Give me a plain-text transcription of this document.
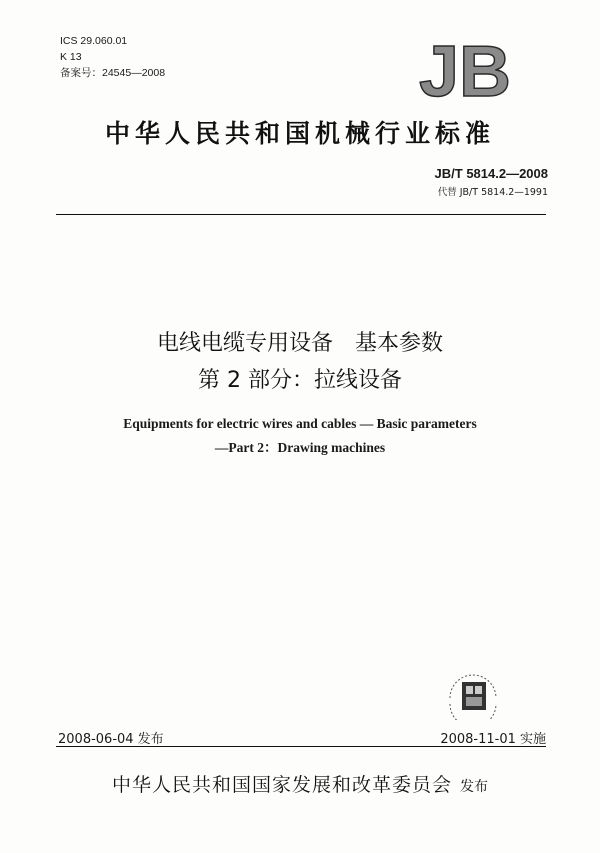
ICS 29.060.01
K 13
备案号：24545—2008	JB
中华人民共和国机械行业标准
JB/T 5814.2—2008
代替 JB/T 5814.2—1991
电线电缆专用设备　基本参数
第 2 部分：拉线设备
Equipments for electric wires and cables — Basic parameters
—Part 2：Drawing machines
2008-06-04 发布	2008-11-01 实施
中华人民共和国国家发展和改革委员会 发布
